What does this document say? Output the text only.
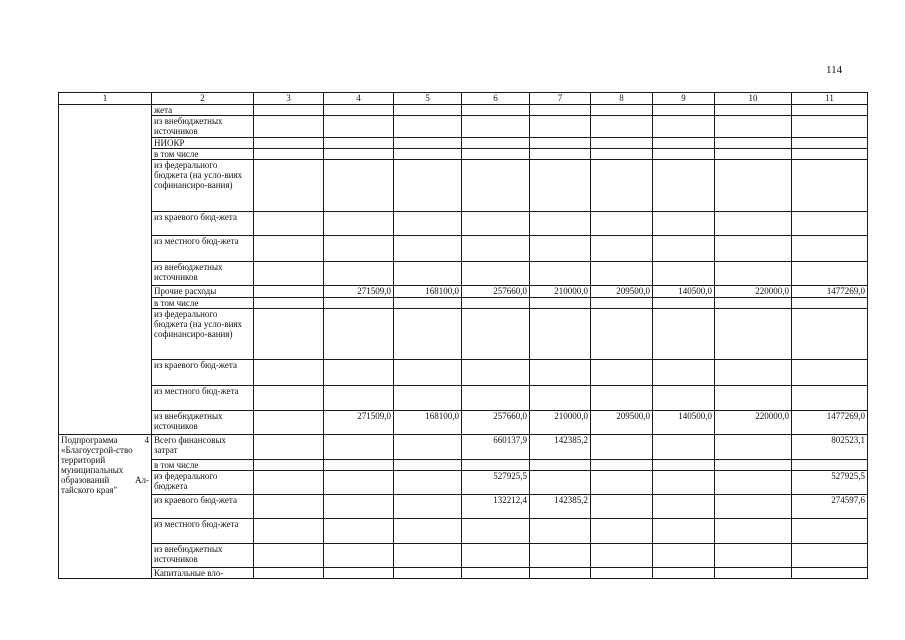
114
1	2	3	4	5	6	7	8	9	10	11
	жета									
	из внебюджетных источников									
	НИОКР									
	в том числе									
	из федерального бюджета (на усло-виях софинансиро-вания)									
	из краевого бюд-жета									
	из местного бюд-жета									
	из внебюджетных источников									
	Прочие расходы		271509,0	168100,0	257660,0	210000,0	209500,0	140500,0	220000,0	1477269,0
	в том числе									
	из федерального бюджета (на усло-виях софинансиро-вания)									
	из краевого бюд-жета									
	из местного бюд-жета									
	из внебюджетных источников		271509,0	168100,0	257660,0	210000,0	209500,0	140500,0	220000,0	1477269,0
Подпрограмма 4 «Благоустрой-ство территорий муниципальных образований Ал-тайского края"	Всего финансовых затрат				660137,9	142385,2				802523,1
	в том числе									
	из федерального бюджета				527925,5					527925,5
	из краевого бюд-жета				132212,4	142385,2				274597,6
	из местного бюд-жета									
	из внебюджетных источников									
	Капитальные вло-									
